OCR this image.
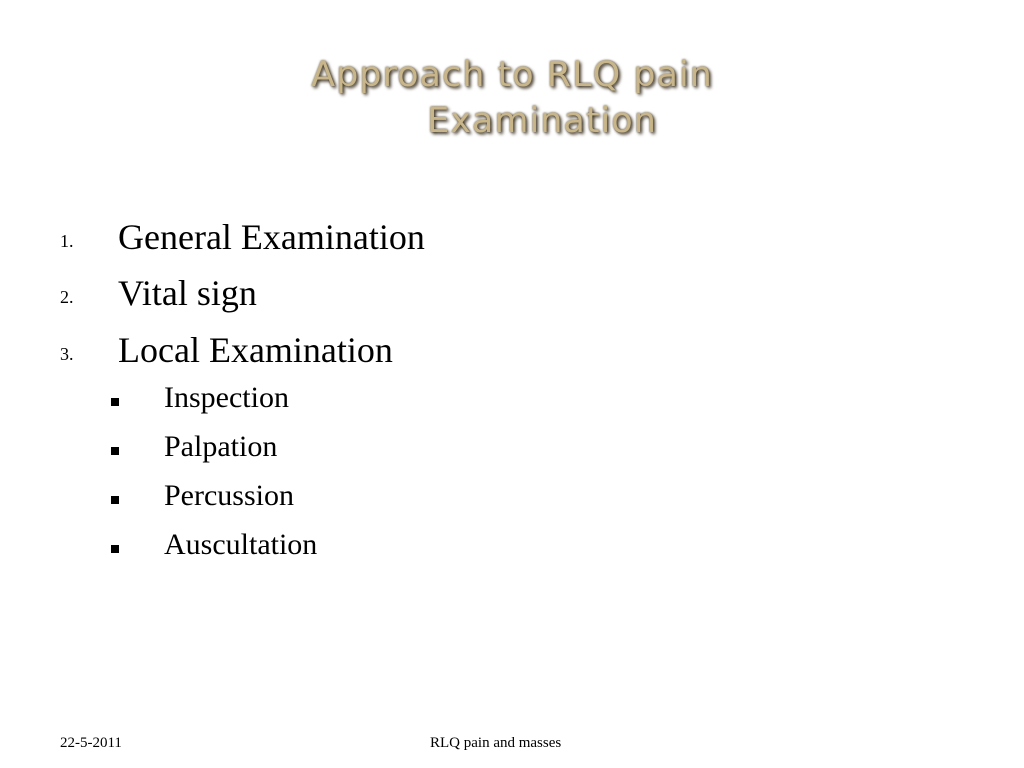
Approach to RLQ pain
Examination
1. General Examination
2. Vital sign
3. Local Examination
Inspection
Palpation
Percussion
Auscultation
22-5-2011	RLQ pain and masses
